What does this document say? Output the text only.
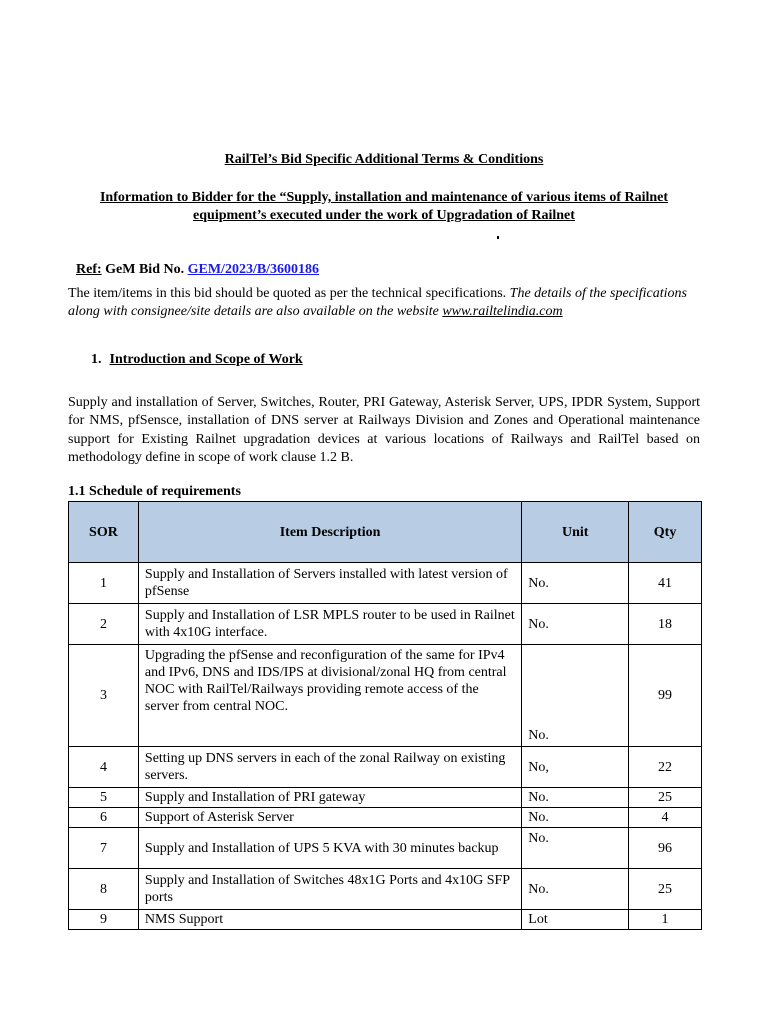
RailTel’s Bid Specific Additional Terms & Conditions
Information to Bidder for the “Supply, installation and maintenance of various items of Railnet
equipment’s executed under the work of Upgradation of Railnet
Ref: GeM Bid No. GEM/2023/B/3600186
The item/items in this bid should be quoted as per the technical specifications. The details of the specifications along with consignee/site details are also available on the website www.railtelindia.com
1. Introduction and Scope of Work
Supply and installation of Server, Switches, Router, PRI Gateway, Asterisk Server, UPS, IPDR System, Support for NMS, pfSensce, installation of DNS server at Railways Division and Zones and Operational maintenance support for Existing Railnet upgradation devices at various locations of Railways and RailTel based on methodology define in scope of work clause 1.2 B.
1.1 Schedule of requirements
SOR	Item Description	Unit	Qty
1	Supply and Installation of Servers installed with latest version of pfSense	No.	41
2	Supply and Installation of LSR MPLS router to be used in Railnet with 4x10G interface.	No.	18
3	Upgrading the pfSense and reconfiguration of the same for IPv4 and IPv6, DNS and IDS/IPS at divisional/zonal HQ from central NOC with RailTel/Railways providing remote access of the server from central NOC.	No.	99
4	Setting up DNS servers in each of the zonal Railway on existing servers.	No,	22
5	Supply and Installation of PRI gateway	No.	25
6	Support of Asterisk Server	No.	4
7	Supply and Installation of UPS 5 KVA with 30 minutes backup	No.	96
8	Supply and Installation of Switches 48x1G Ports and 4x10G SFP ports	No.	25
9	NMS Support	Lot	1
